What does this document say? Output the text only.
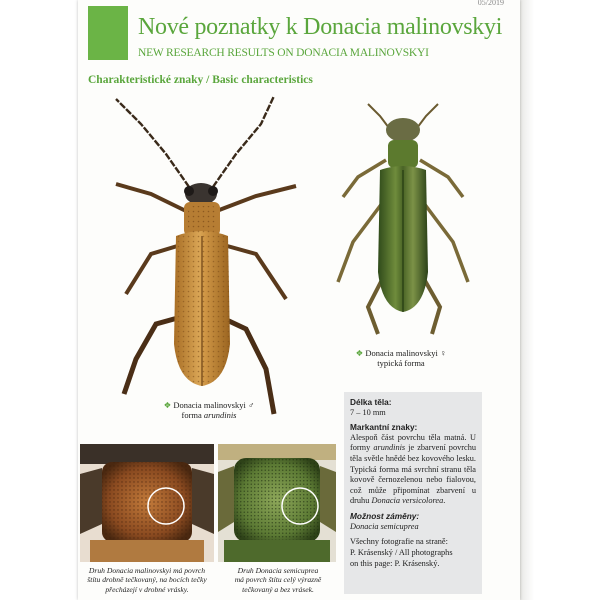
05/2019
Nové poznatky k Donacia malinovskyi
NEW RESEARCH RESULTS ON DONACIA MALINOVSKYI
Charakteristické znaky / Basic characteristics
❖ Donacia malinovskyi ♂
forma arundinis
❖ Donacia malinovskyi ♀
typická forma
Délka těla:

7 – 10 mm

Markantní znaky:

Alespoň část povrchu těla matná. U formy arundinis je zbarvení povrchu těla světle hnědé bez kovového lesku. Typická forma má svrchní stranu těla kovově černozelenou nebo fialovou, což může připomínat zbarvení u druhu Donacia versicolorea.

Možnost záměny:

Donacia semicuprea

Všechny fotografie na straně:
P. Krásenský / All photographs
on this page: P. Krásenský.

Druh Donacia malinovskyi má povrch
štítu drobně tečkovaný, na bocích tečky
přecházejí v drobné vrásky.
Druh Donacia semicuprea
má povrch štítu celý výrazně
tečkovaný a bez vrásek.
